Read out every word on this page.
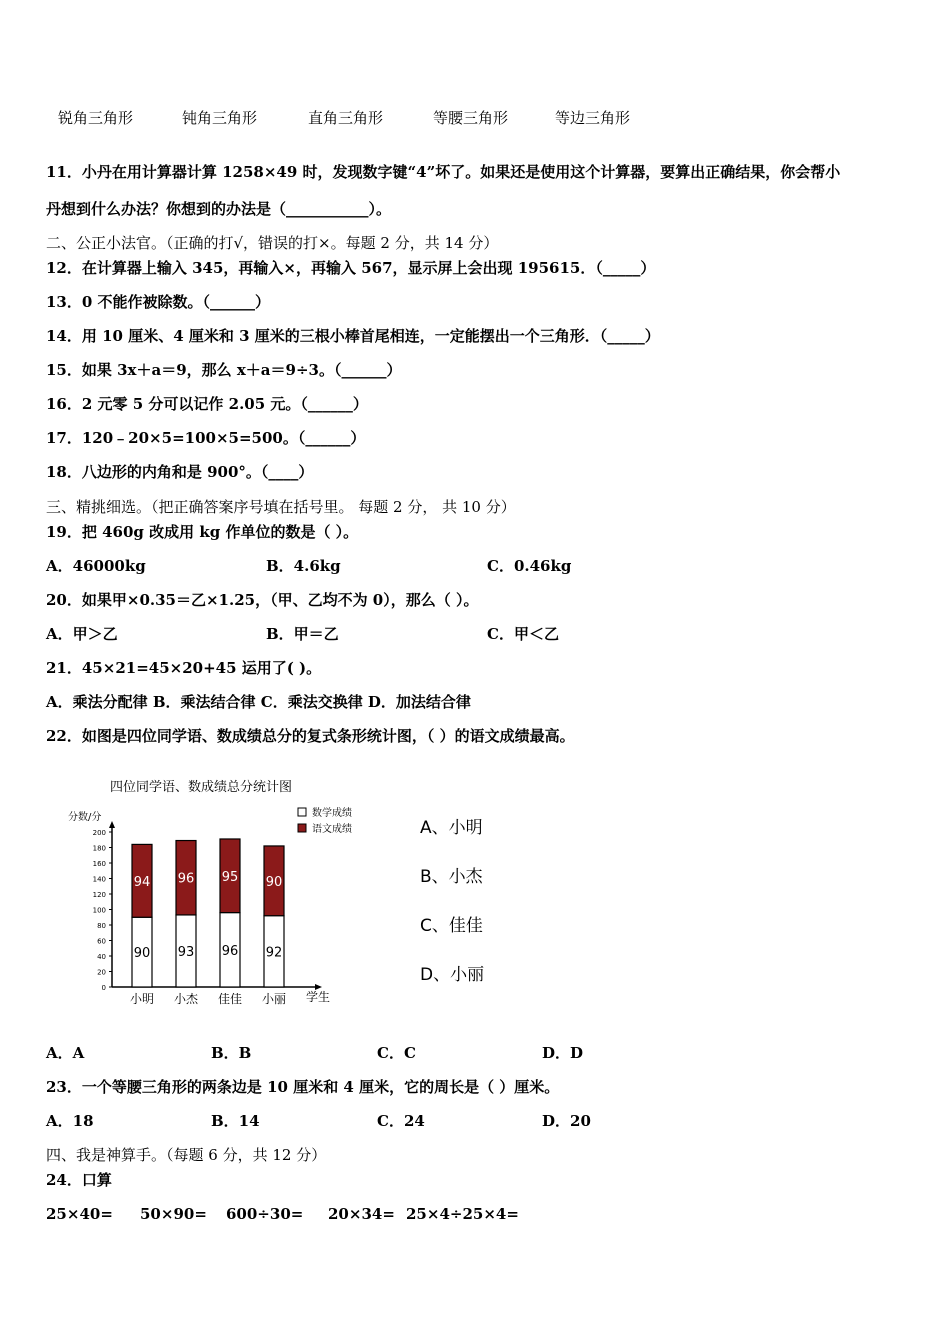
锐角三角形	钝角三角形	直角三角形	等腰三角形	等边三角形
11．小丹在用计算器计算 1258×49 时，发现数字键“4”坏了。如果还是使用这个计算器，要算出正确结果，你会帮小
丹想到什么办法？你想到的办法是（___________）。
二、公正小法官。（正确的打√，错误的打×。每题 2 分，共 14 分）
12．在计算器上输入 345，再输入×，再输入 567，显示屏上会出现 195615．（_____）
13．0 不能作被除数。（______）
14．用 10 厘米、4 厘米和 3 厘米的三根小棒首尾相连，一定能摆出一个三角形．（_____）
15．如果 3x＋a＝9，那么 x＋a＝9÷3。（______）
16．2 元零 5 分可以记作 2.05 元。（______）
17．120﹣20×5=100×5=500。（______）
18．八边形的内角和是 900°。（____）
三、精挑细选。（把正确答案序号填在括号里。 每题 2 分， 共 10 分）
19．把 460g 改成用 kg 作单位的数是（ ）。
A．46000kg	B．4.6kg	C．0.46kg
20．如果甲×0.35＝乙×1.25，（甲、乙均不为 0），那么（ ）。
A．甲＞乙	B．甲＝乙	C．甲＜乙
21．45×21=45×20+45 运用了( )。
A．乘法分配律 B．乘法结合律 C．乘法交换律 D．加法结合律
22．如图是四位同学语、数成绩总分的复式条形统计图，（ ）的语文成绩最高。
四位同学语、数成绩总分统计图
分数/分
学生
数学成绩
语文成绩
0
20
40
60
80
100
120
140
160
180
200
90
94
小明
93
96
小杰
96
95
佳佳
92
90
小丽
A、小明
B、小杰
C、佳佳
D、小丽
A．A	B．B	C．C	D．D
23．一个等腰三角形的两条边是 10 厘米和 4 厘米，它的周长是（ ）厘米。
A．18	B．14	C．24	D．20
四、我是神算手。（每题 6 分，共 12 分）
24．口算
25×40= 50×90= 600÷30= 20×34= 25×4÷25×4=
